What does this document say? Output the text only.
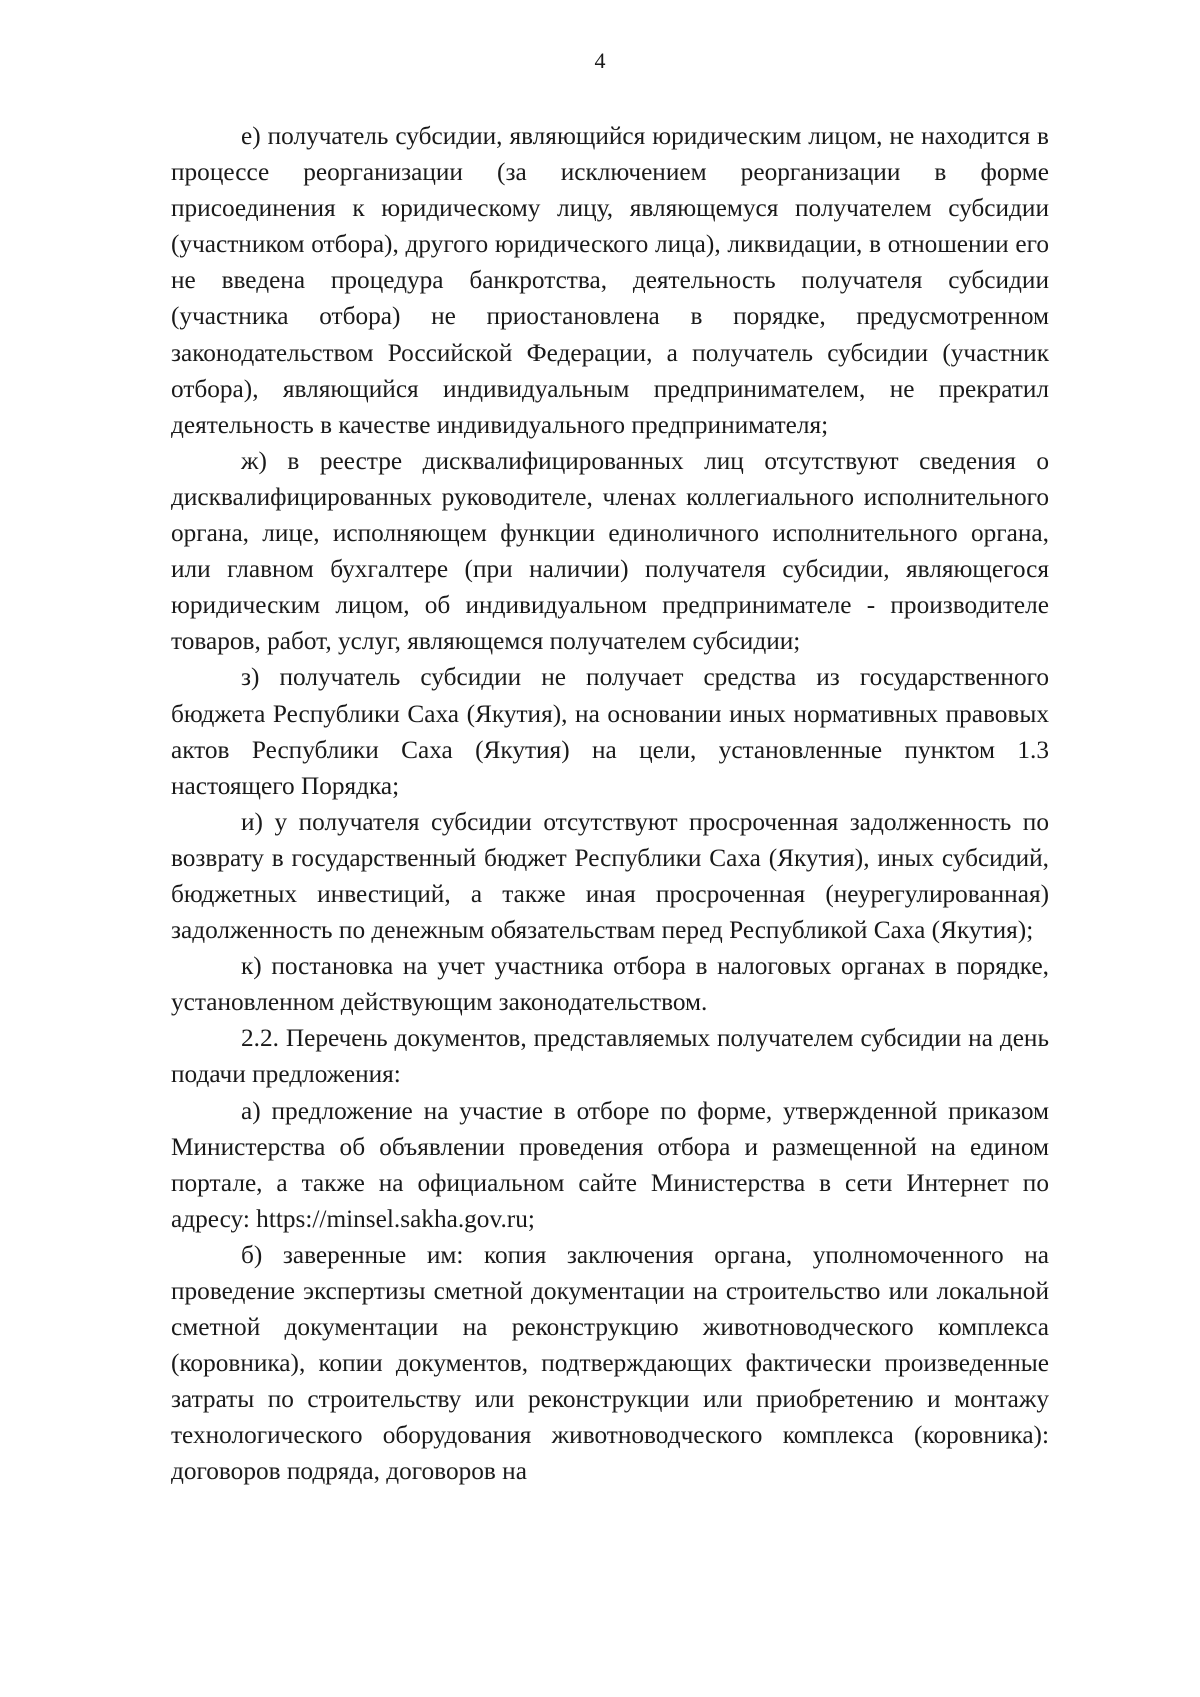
4

е) получатель субсидии, являющийся юридическим лицом, не находится в процессе реорганизации (за исключением реорганизации в форме присоединения к юридическому лицу, являющемуся получателем субсидии (участником отбора), другого юридического лица), ликвидации, в отношении его не введена процедура банкротства, деятельность получателя субсидии (участника отбора) не приостановлена в порядке, предусмотренном законодательством Российской Федерации, а получатель субсидии (участник отбора), являющийся индивидуальным предпринимателем, не прекратил деятельность в качестве индивидуального предпринимателя;

ж) в реестре дисквалифицированных лиц отсутствуют сведения о дисквалифицированных руководителе, членах коллегиального исполнительного органа, лице, исполняющем функции единоличного исполнительного органа, или главном бухгалтере (при наличии) получателя субсидии, являющегося юридическим лицом, об индивидуальном предпринимателе - производителе товаров, работ, услуг, являющемся получателем субсидии;

з) получатель субсидии не получает средства из государственного бюджета Республики Саха (Якутия), на основании иных нормативных правовых актов Республики Саха (Якутия) на цели, установленные пунктом 1.3 настоящего Порядка;

и) у получателя субсидии отсутствуют просроченная задолженность по возврату в государственный бюджет Республики Саха (Якутия), иных субсидий, бюджетных инвестиций, а также иная просроченная (неурегулированная) задолженность по денежным обязательствам перед Республикой Саха (Якутия);

к) постановка на учет участника отбора в налоговых органах в порядке, установленном действующим законодательством.

2.2. Перечень документов, представляемых получателем субсидии на день подачи предложения:

а) предложение на участие в отборе по форме, утвержденной приказом Министерства об объявлении проведения отбора и размещенной на едином портале, а также на официальном сайте Министерства в сети Интернет по адресу: https://minsel.sakha.gov.ru;

б) заверенные им: копия заключения органа, уполномоченного на проведение экспертизы сметной документации на строительство или локальной сметной документации на реконструкцию животноводческого комплекса (коровника), копии документов, подтверждающих фактически произведенные затраты по строительству или реконструкции или приобретению и монтажу технологического оборудования животноводческого комплекса (коровника): договоров подряда, договоров на
